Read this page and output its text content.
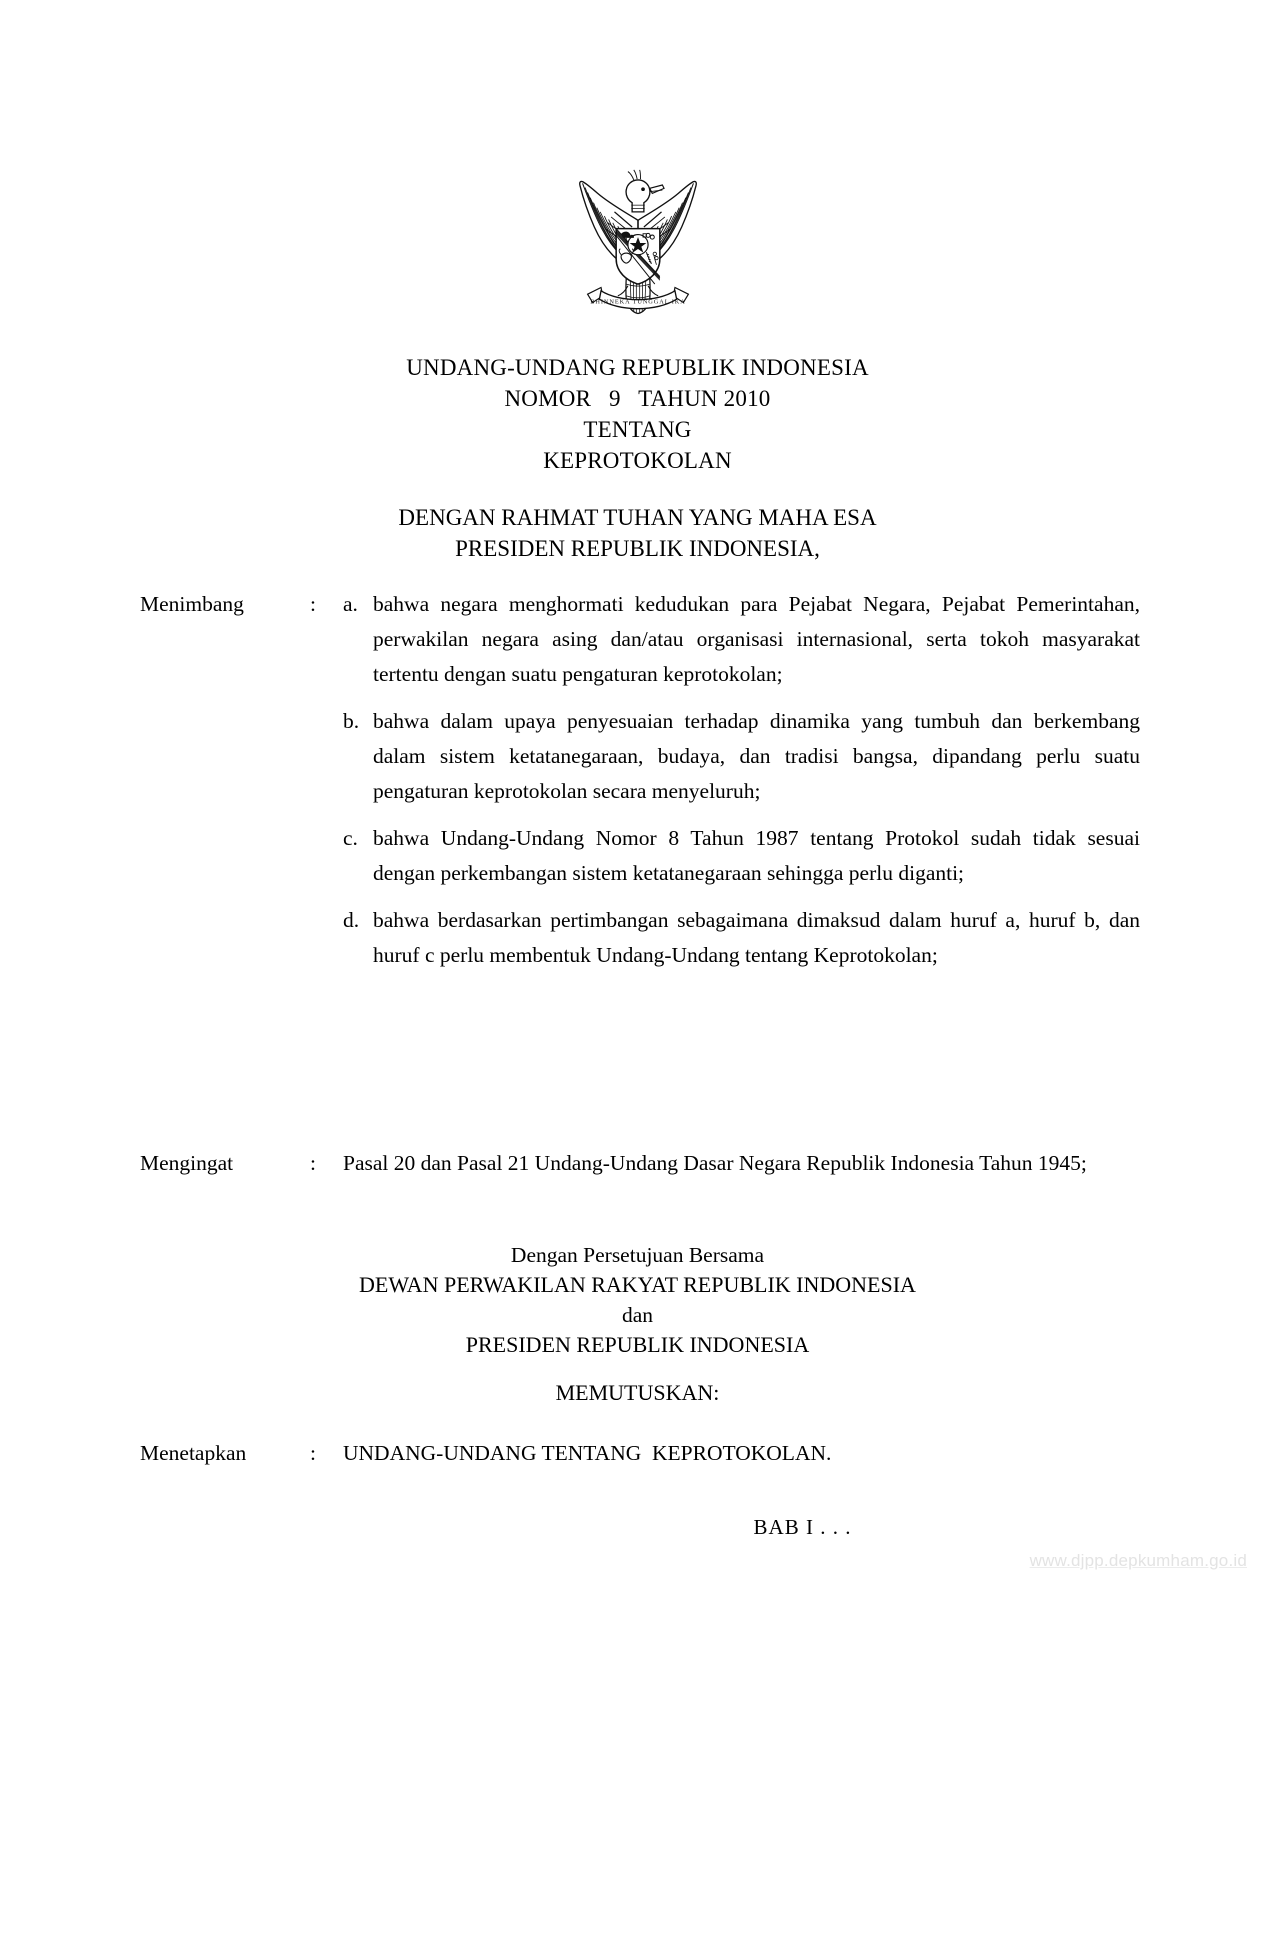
BHINNEKA TUNGGAL IKA
UNDANG-UNDANG REPUBLIK INDONESIA
NOMOR   9   TAHUN 2010
TENTANG
KEPROTOKOLAN
DENGAN RAHMAT TUHAN YANG MAHA ESA
PRESIDEN REPUBLIK INDONESIA,
Menimbang	:	a. bahwa negara menghormati kedudukan para Pejabat Negara, Pejabat Pemerintahan, perwakilan negara asing dan/atau organisasi internasional, serta tokoh masyarakat tertentu dengan suatu pengaturan keprotokolan;
b. bahwa dalam upaya penyesuaian terhadap dinamika yang tumbuh dan berkembang dalam sistem ketatanegaraan, budaya, dan tradisi bangsa, dipandang perlu suatu pengaturan keprotokolan secara menyeluruh;
c. bahwa Undang-Undang Nomor 8 Tahun 1987 tentang Protokol sudah tidak sesuai dengan perkembangan sistem ketatanegaraan sehingga perlu diganti;
d. bahwa berdasarkan pertimbangan sebagaimana dimaksud dalam huruf a, huruf b, dan huruf c perlu membentuk Undang-Undang tentang Keprotokolan;
Mengingat	:	Pasal 20 dan Pasal 21 Undang-Undang Dasar Negara Republik Indonesia Tahun 1945;
Dengan Persetujuan Bersama
DEWAN PERWAKILAN RAKYAT REPUBLIK INDONESIA
dan
PRESIDEN REPUBLIK INDONESIA
MEMUTUSKAN:
Menetapkan	:	UNDANG-UNDANG TENTANG  KEPROTOKOLAN.
BAB I . . .
www.djpp.depkumham.go.id
